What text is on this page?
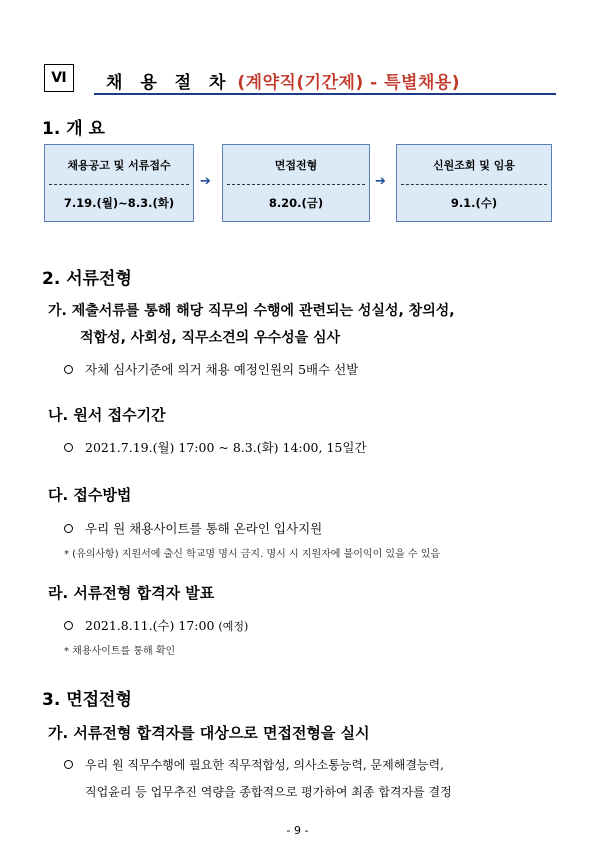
Ⅵ 채 용 절 차 (계약직(기간제) - 특별채용)
1. 개 요
채용공고 및 서류접수
7.19.(월)~8.3.(화)
➔
면접전형
8.20.(금)
➔
신원조회 및 임용
9.1.(수)
2. 서류전형
가. 제출서류를 통해 해당 직무의 수행에 관련되는 성실성, 창의성,
적합성, 사회성, 직무소견의 우수성을 심사
자체 심사기준에 의거 채용 예정인원의 5배수 선발
나. 원서 접수기간
2021.7.19.(월) 17:00 ~ 8.3.(화) 14:00, 15일간
다. 접수방법
우리 원 채용사이트를 통해 온라인 입사지원
* (유의사항) 지원서에 출신 학교명 명시 금지. 명시 시 지원자에 불이익이 있을 수 있음
라. 서류전형 합격자 발표
2021.8.11.(수) 17:00 (예정)
* 채용사이트를 통해 확인
3. 면접전형
가. 서류전형 합격자를 대상으로 면접전형을 실시
우리 원 직무수행에 필요한 직무적합성, 의사소통능력, 문제해결능력,
직업윤리 등 업무추진 역량을 종합적으로 평가하여 최종 합격자를 결정
- 9 -
